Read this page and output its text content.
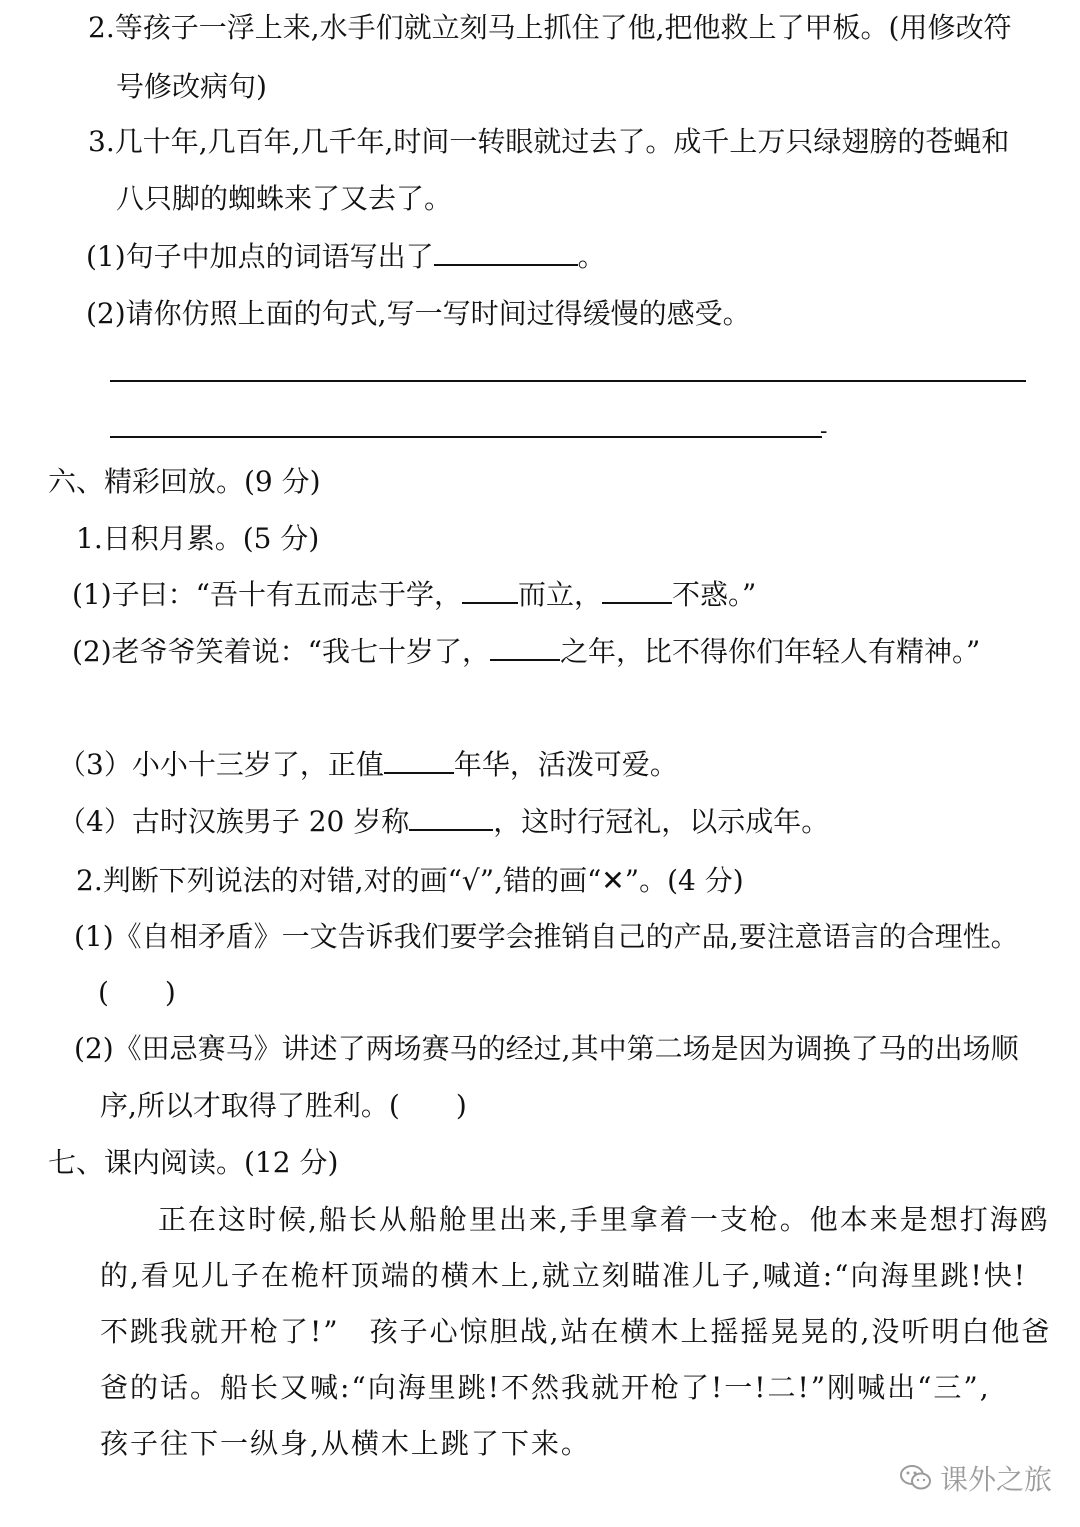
2.等孩子一浮上来,水手们就立刻马上抓住了他,把他救上了甲板。(用修改符
号修改病句)
3.几十年,几百年,几千年,时间一转眼就过去了。成千上万只绿翅膀的苍蝇和
八只脚的蜘蛛来了又去了。
(1)句子中加点的词语写出了	。
(2)请你仿照上面的句式,写一写时间过得缓慢的感受。
-
六、精彩回放。(9 分)
1.日积月累。(5 分)
(1)子曰：“吾十有五而志于学， 而立，	不惑。”
(2)老爷爷笑着说：“我七十岁了，	之年，比不得你们年轻人有精神。”
（3）小小十三岁了，正值	年华，活泼可爱。
（4）古时汉族男子 20 岁称	，这时行冠礼，以示成年。
2.判断下列说法的对错,对的画“√”,错的画“✕”。(4 分)
(1)《自相矛盾》一文告诉我们要学会推销自己的产品,要注意语言的合理性。
(　　)
(2)《田忌赛马》讲述了两场赛马的经过,其中第二场是因为调换了马的出场顺
序,所以才取得了胜利。(　　)
七、课内阅读。(12 分)
正在这时候,船长从船舱里出来,手里拿着一支枪。他本来是想打海鸥
的,看见儿子在桅杆顶端的横木上,就立刻瞄准儿子,喊道:“向海里跳!快!
不跳我就开枪了!”　孩子心惊胆战,站在横木上摇摇晃晃的,没听明白他爸
爸的话。船长又喊:“向海里跳!不然我就开枪了!一!二!”刚喊出“三”,
孩子往下一纵身,从横木上跳了下来。
课外之旅
